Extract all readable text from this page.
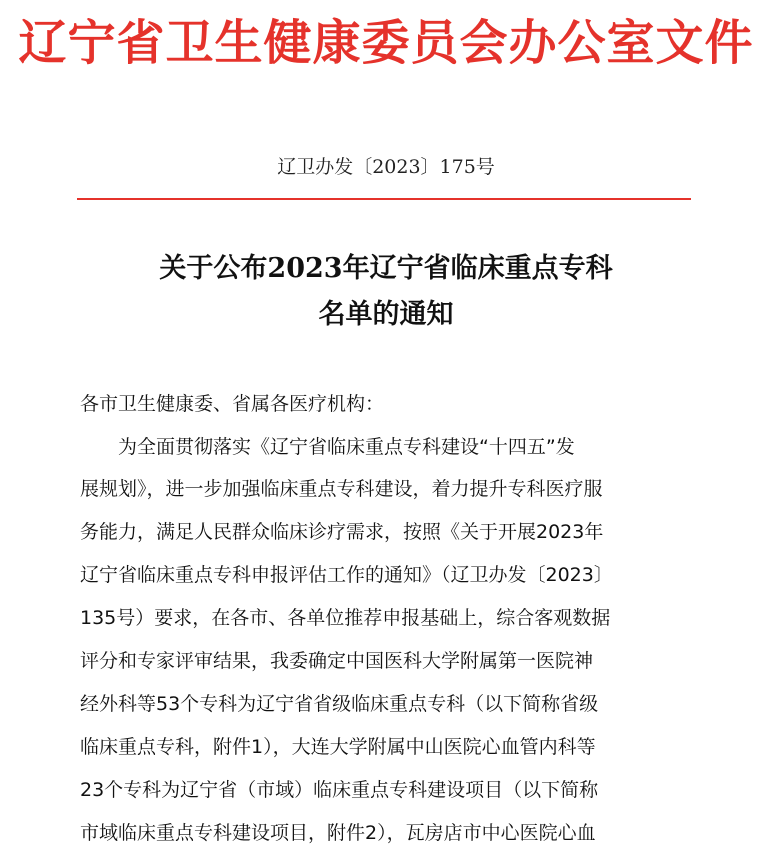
辽宁省卫生健康委员会办公室文件
辽卫办发〔2023〕175号
关于公布2023年辽宁省临床重点专科
名单的通知
各市卫生健康委、省属各医疗机构：
为全面贯彻落实《辽宁省临床重点专科建设“十四五”发
展规划》，进一步加强临床重点专科建设，着力提升专科医疗服
务能力，满足人民群众临床诊疗需求，按照《关于开展2023年
辽宁省临床重点专科申报评估工作的通知》（辽卫办发〔2023〕
135号）要求，在各市、各单位推荐申报基础上，综合客观数据
评分和专家评审结果，我委确定中国医科大学附属第一医院神
经外科等53个专科为辽宁省省级临床重点专科（以下简称省级
临床重点专科，附件1），大连大学附属中山医院心血管内科等
23个专科为辽宁省（市域）临床重点专科建设项目（以下简称
市域临床重点专科建设项目，附件2），瓦房店市中心医院心血
